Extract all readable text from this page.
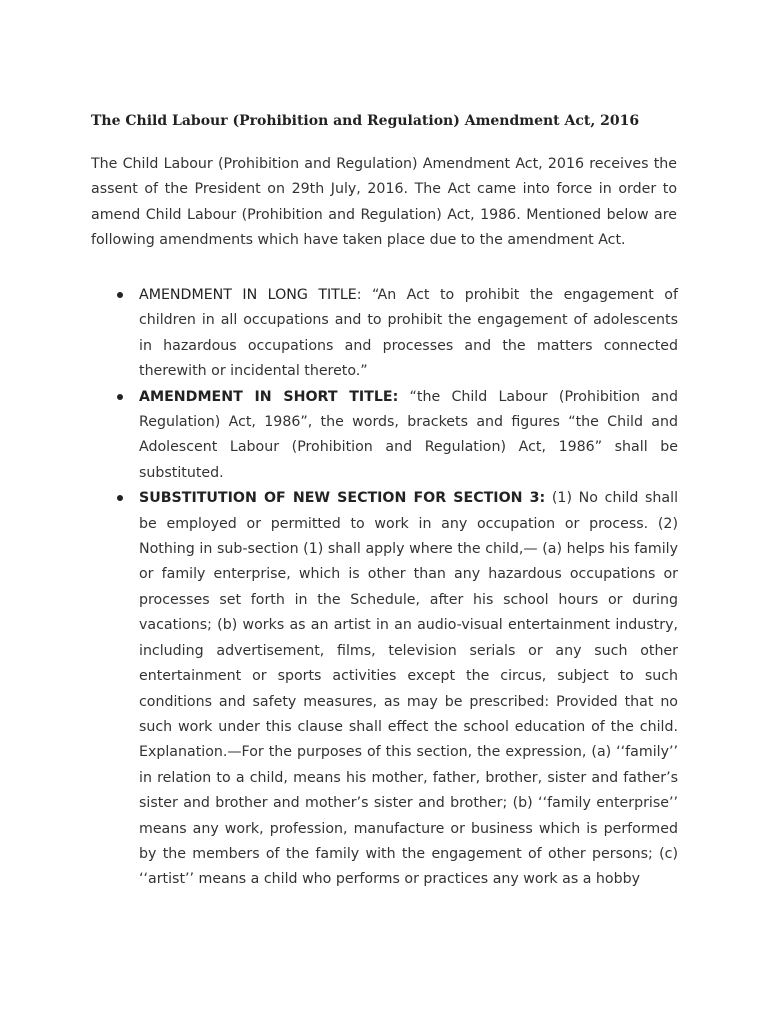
The Child Labour (Prohibition and Regulation) Amendment Act, 2016

The Child Labour (Prohibition and Regulation) Amendment Act, 2016 receives the assent of the President on 29th July, 2016. The Act came into force in order to amend Child Labour (Prohibition and Regulation) Act, 1986. Mentioned below are following amendments which have taken place due to the amendment Act.

AMENDMENT IN LONG TITLE: “An Act to prohibit the engagement of children in all occupations and to prohibit the engagement of adolescents in hazardous occupations and processes and the matters connected therewith or incidental thereto.”
AMENDMENT IN SHORT TITLE: “the Child Labour (Prohibition and Regulation) Act, 1986”, the words, brackets and figures “the Child and Adolescent Labour (Prohibition and Regulation) Act, 1986” shall be substituted.
SUBSTITUTION OF NEW SECTION FOR SECTION 3: (1) No child shall be employed or permitted to work in any occupation or process. (2) Nothing in sub-section (1) shall apply where the child,— (a) helps his family or family enterprise, which is other than any hazardous occupations or processes set forth in the Schedule, after his school hours or during vacations; (b) works as an artist in an audio-visual entertainment industry, including advertisement, films, television serials or any such other entertainment or sports activities except the circus, subject to such conditions and safety measures, as may be prescribed: Provided that no such work under this clause shall effect the school education of the child. Explanation.—For the purposes of this section, the expression, (a) ‘‘family’’ in relation to a child, means his mother, father, brother, sister and father’s sister and brother and mother’s sister and brother; (b) ‘‘family enterprise’’ means any work, profession, manufacture or business which is performed by the members of the family with the engagement of other persons; (c) ‘‘artist’’ means a child who performs or practices any work as a hobby
